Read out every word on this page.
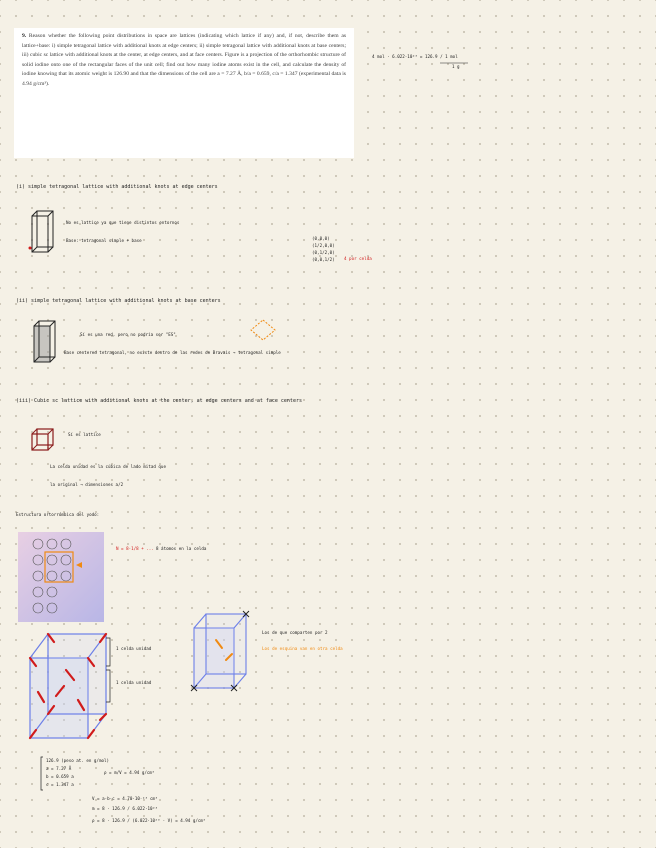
9. Reason whether the following point distributions in space are lattices (indicating which lattice if any) and, if not, describe them as lattice+base: i) simple tetragonal lattice with additional knots at edge centers; ii) simple tetragonal lattice with additional knots at base centers; iii) cubic sc lattice with additional knots at the center, at edge centers, and at face centers. Figure is a projection of the orthorhombic structure of solid iodine onto one of the rectangular faces of the unit cell; find out how many iodine atoms exist in the cell, and calculate the density of iodine knowing that its atomic weight is 126.90 and that the dimensions of the cell are a = 7.27 Å, b/a = 0.659, c/a = 1.347 (experimental data is 4.94 g/cm³).
4 mol · 6.022·10²³ = 126.9 / 1 mol
1 g
(i) simple tetragonal lattice with additional knots at edge centers
No es lattice ya que tiene distintos entornos
Base: tetragonal simple + base	(0,0,0)
(1/2,0,0)
(0,1/2,0)
(0,0,1/2) 4 por celda
(ii) simple tetragonal lattice with additional knots at base centers
Sí es una red, pero no podría ser "ES"
Base centered tetragonal, no existe dentro de las redes de Bravais → tetragonal simple
(iii) Cubic sc lattice with additional knots at the center, at edge centers and at face centers
Sí es lattice
La celda unidad es la cúbica de lado mitad que
la original → dimensiones a/2
Estructura ortorrómbica del yodo:
N = 8·1/8 + ... 8 átomos en la celda
1 celda unidad
1 celda unidad
Los de que comparten por 2
Los de esquina van en otra celda
126.9 (peso at. en g/mol)
a = 7.27 Å
b = 0.659 a
c = 1.347 a
ρ = m/V = 4.94 g/cm³
V = a·b·c = 4.70·10⁻²³ cm³
m = 8 · 126.9 / 6.022·10²³
ρ = 8 · 126.9 / (6.022·10²³ · V) = 4.94 g/cm³
